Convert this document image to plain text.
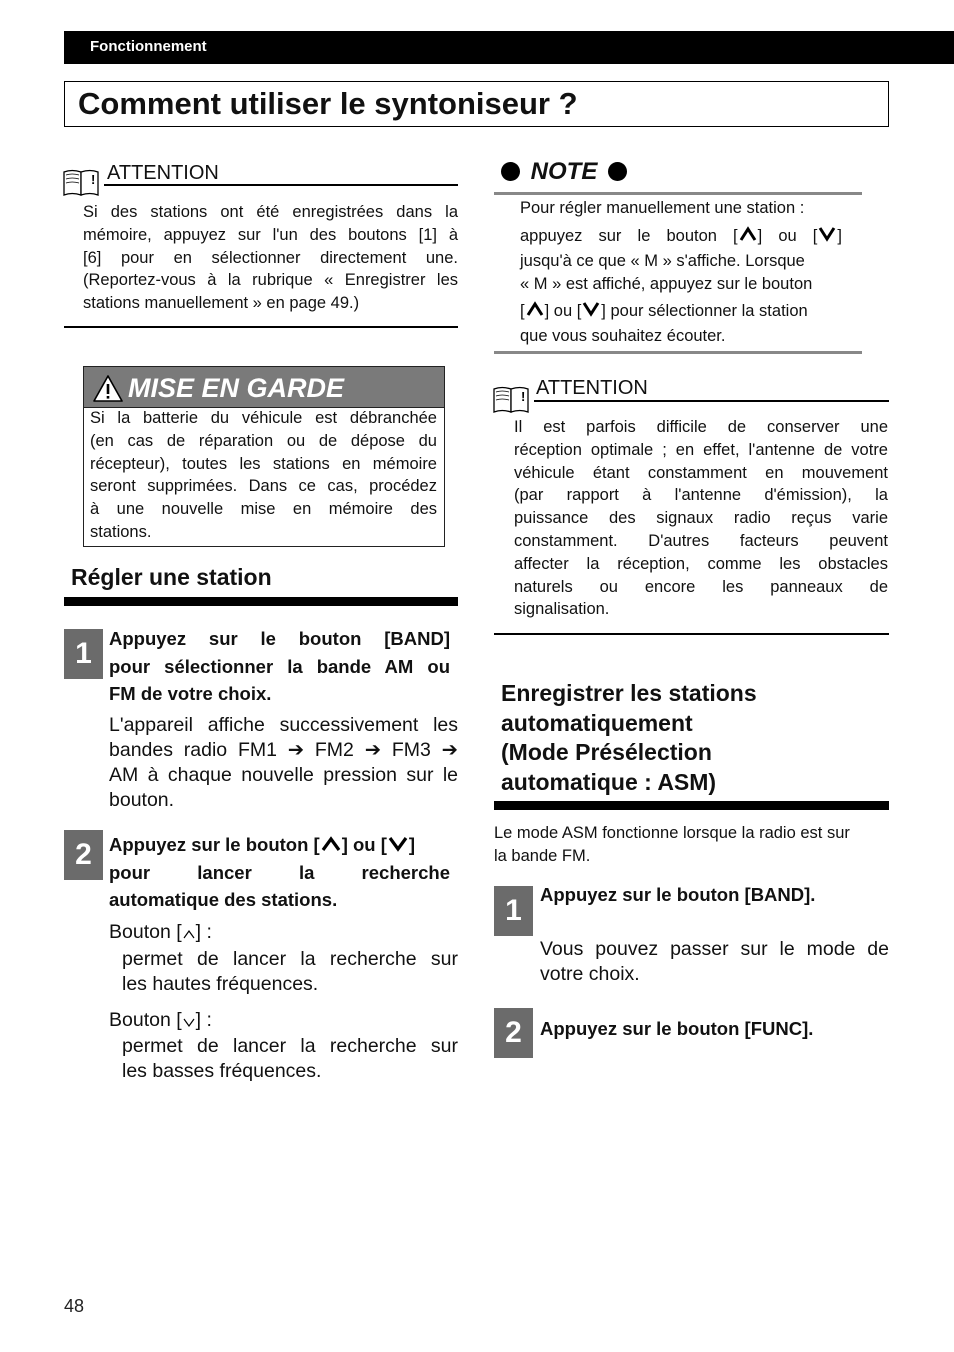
Fonctionnement
Comment utiliser le syntoniseur ?
! ATTENTION
Si des stations ont été enregistrées dans la
mémoire, appuyez sur l'un des boutons [1] à
[6] pour en sélectionner directement une.
(Reportez-vous à la rubrique « Enregistrer les
stations manuellement » en page 49.)
MISE EN GARDE
Si la batterie du véhicule est débranchée
(en cas de réparation ou de dépose du
récepteur), toutes les stations en mémoire
seront supprimées. Dans ce cas, procédez
à une nouvelle mise en mémoire des
stations.
Régler une station
1 Appuyez sur le bouton [BAND]
pour sélectionner la bande AM ou
FM de votre choix.
L'appareil affiche successivement les
bandes radio FM1 ➔ FM2 ➔ FM3 ➔
AM à chaque nouvelle pression sur le
bouton.
2 Appuyez sur le bouton [ ] ou [ ]
pour lancer la recherche
automatique des stations.
Bouton [ ] :
permet de lancer la recherche sur
les hautes fréquences.
Bouton [ ] :
permet de lancer la recherche sur
les basses fréquences.
NOTE
Pour régler manuellement une station :
appuyez sur le bouton [ ] ou [ ]
jusqu'à ce que « M » s'affiche. Lorsque
« M » est affiché, appuyez sur le bouton
[ ] ou [ ] pour sélectionner la station
que vous souhaitez écouter.
! ATTENTION
Il est parfois difficile de conserver une
réception optimale ; en effet, l'antenne de votre
véhicule étant constamment en mouvement
(par rapport à l'antenne d'émission), la
puissance des signaux radio reçus varie
constamment. D'autres facteurs peuvent
affecter la réception, comme les obstacles
naturels ou encore les panneaux de
signalisation.
Enregistrer les stations
automatiquement
(Mode Présélection
automatique : ASM)
Le mode ASM fonctionne lorsque la radio est sur
la bande FM.
1 Appuyez sur le bouton [BAND].
Vous pouvez passer sur le mode de
votre choix.
2 Appuyez sur le bouton [FUNC].
48
